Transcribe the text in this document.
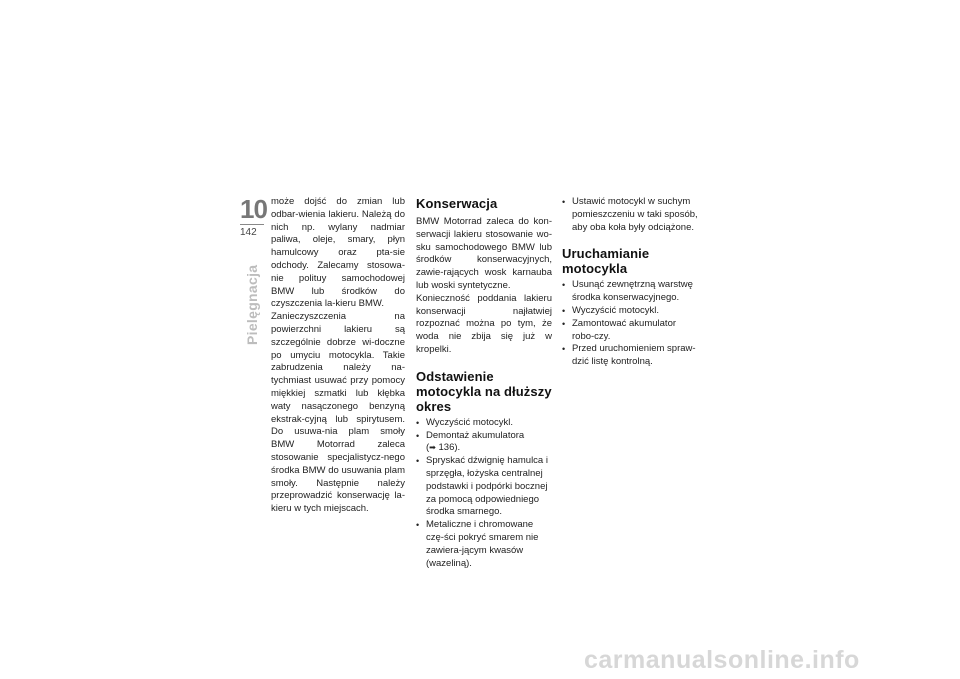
10
142
Pielęgnacja

może dojść do zmian lub odbar-wienia lakieru. Należą do nich np. wylany nadmiar paliwa, oleje, smary, płyn hamulcowy oraz pta-sie odchody. Zalecamy stosowa-nie polituy samochodowej BMW lub środków do czyszczenia la-kieru BMW.

Zanieczyszczenia na powierzchni lakieru są szczególnie dobrze wi-doczne po umyciu motocykla. Takie zabrudzenia należy na-tychmiast usuwać przy pomocy miękkiej szmatki lub kłębka waty nasączonego benzyną ekstrak-cyjną lub spirytusem. Do usuwa-nia plam smoły BMW Motorrad zaleca stosowanie specjalistycz-nego środka BMW do usuwania plam smoły. Następnie należy przeprowadzić konserwację la-kieru w tych miejscach.

Konserwacja

BMW Motorrad zaleca do kon-serwacji lakieru stosowanie wo-sku samochodowego BMW lub środków konserwacyjnych, zawie-rających wosk karnauba lub woski syntetyczne.

Konieczność poddania lakieru konserwacji najłatwiej rozpoznać można po tym, że woda nie zbija się już w kropelki.

Odstawienie motocykla na dłuższy okres
• Wyczyścić motocykl.
• Demontaż akumulatora
(➡ 136).
• Spryskać dźwignię hamulca i sprzęgła, łożyska centralnej podstawki i podpórki bocznej za pomocą odpowiedniego środka smarnego.
• Metaliczne i chromowane czę-ści pokryć smarem nie zawiera-jącym kwasów (wazeliną).
• Ustawić motocykl w suchym pomieszczeniu w taki sposób, aby oba koła były odciążone.
Uruchamianie motocykla
• Usunąć zewnętrzną warstwę środka konserwacyjnego.
• Wyczyścić motocykl.
• Zamontować akumulator robo-czy.
• Przed uruchomieniem spraw-dzić listę kontrolną.
carmanualsonline.info
